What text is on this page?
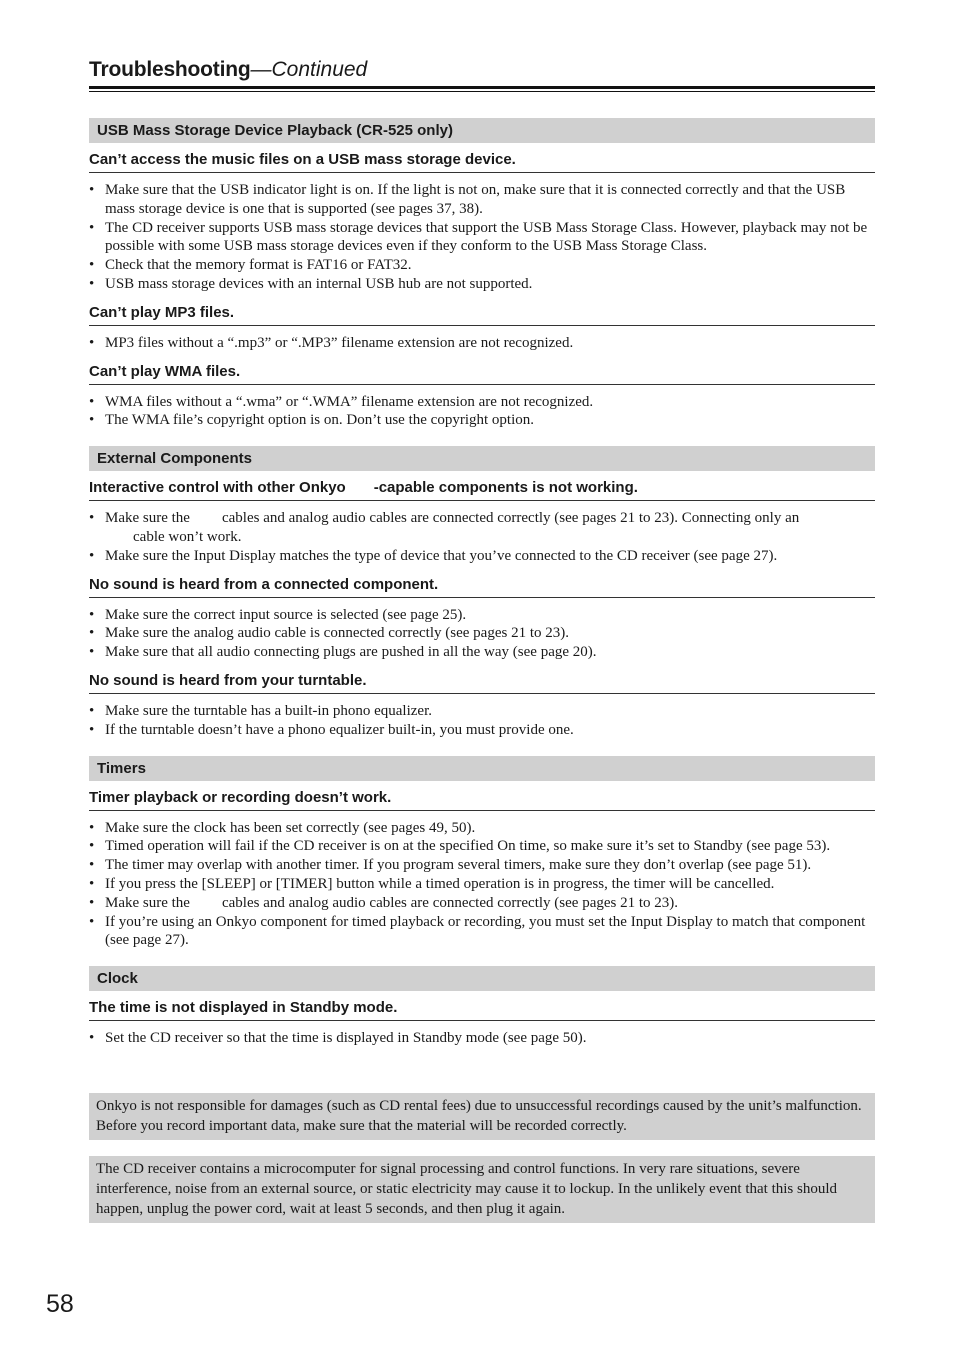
Troubleshooting—Continued
USB Mass Storage Device Playback (CR-525 only)
Can’t access the music files on a USB mass storage device.
• Make sure that the USB indicator light is on. If the light is not on, make sure that it is connected correctly and that the USB mass storage device is one that is supported (see pages 37, 38).
• The CD receiver supports USB mass storage devices that support the USB Mass Storage Class. However, playback may not be possible with some USB mass storage devices even if they conform to the USB Mass Storage Class.
• Check that the memory format is FAT16 or FAT32.
• USB mass storage devices with an internal USB hub are not supported.
Can’t play MP3 files.
• MP3 files without a “.mp3” or “.MP3” filename extension are not recognized.
Can’t play WMA files.
• WMA files without a “.wma” or “.WMA” filename extension are not recognized.
• The WMA file’s copyright option is on. Don’t use the copyright option.
External Components
Interactive control with other Onkyo -capable components is not working.
• Make sure the cables and analog audio cables are connected correctly (see pages 21 to 23). Connecting only an
cable won’t work.
• Make sure the Input Display matches the type of device that you’ve connected to the CD receiver (see page 27).
No sound is heard from a connected component.
• Make sure the correct input source is selected (see page 25).
• Make sure the analog audio cable is connected correctly (see pages 21 to 23).
• Make sure that all audio connecting plugs are pushed in all the way (see page 20).
No sound is heard from your turntable.
• Make sure the turntable has a built-in phono equalizer.
• If the turntable doesn’t have a phono equalizer built-in, you must provide one.
Timers
Timer playback or recording doesn’t work.
• Make sure the clock has been set correctly (see pages 49, 50).
• Timed operation will fail if the CD receiver is on at the specified On time, so make sure it’s set to Standby (see page 53).
• The timer may overlap with another timer. If you program several timers, make sure they don’t overlap (see page 51).
• If you press the [SLEEP] or [TIMER] button while a timed operation is in progress, the timer will be cancelled.
• Make sure the cables and analog audio cables are connected correctly (see pages 21 to 23).
• If you’re using an Onkyo component for timed playback or recording, you must set the Input Display to match that component (see page 27).
Clock
The time is not displayed in Standby mode.
• Set the CD receiver so that the time is displayed in Standby mode (see page 50).
Onkyo is not responsible for damages (such as CD rental fees) due to unsuccessful recordings caused by the unit’s malfunction. Before you record important data, make sure that the material will be recorded correctly.
The CD receiver contains a microcomputer for signal processing and control functions. In very rare situations, severe interference, noise from an external source, or static electricity may cause it to lockup. In the unlikely event that this should happen, unplug the power cord, wait at least 5 seconds, and then plug it again.
58
